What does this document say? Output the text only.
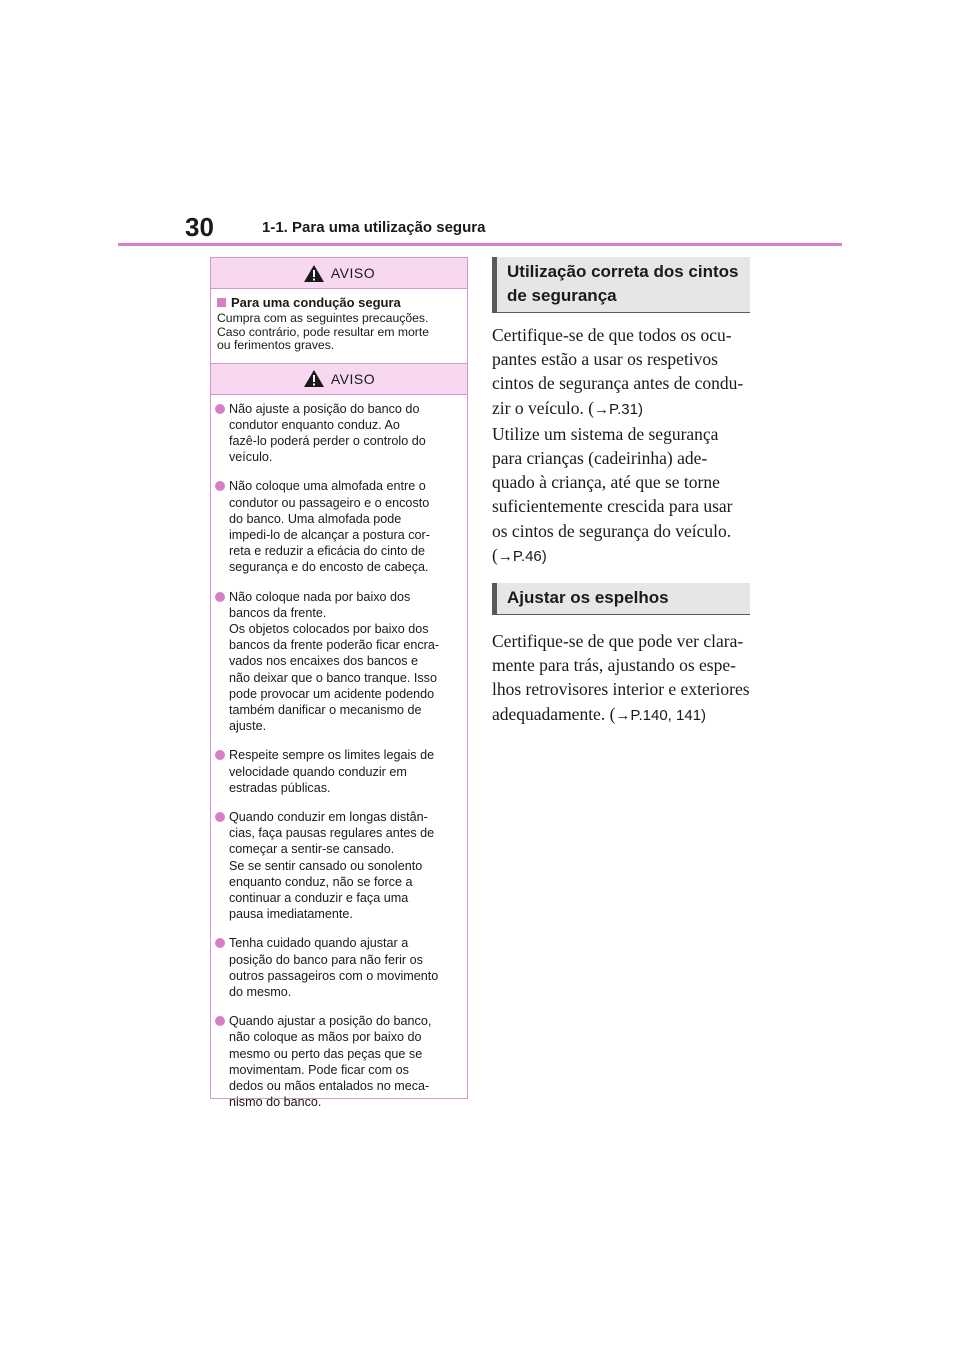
30	1-1. Para uma utilização segura
AVISO
Para uma condução segura
Cumpra com as seguintes precauções.
Caso contrário, pode resultar em morte
ou ferimentos graves.
AVISO
Não ajuste a posição do banco do
condutor enquanto conduz. Ao
fazê-lo poderá perder o controlo do
veículo.
Não coloque uma almofada entre o
condutor ou passageiro e o encosto
do banco. Uma almofada pode
impedi-lo de alcançar a postura cor-
reta e reduzir a eficácia do cinto de
segurança e do encosto de cabeça.
Não coloque nada por baixo dos
bancos da frente.
Os objetos colocados por baixo dos
bancos da frente poderão ficar encra-
vados nos encaixes dos bancos e
não deixar que o banco tranque. Isso
pode provocar um acidente podendo
também danificar o mecanismo de
ajuste.
Respeite sempre os limites legais de
velocidade quando conduzir em
estradas públicas.
Quando conduzir em longas distân-
cias, faça pausas regulares antes de
começar a sentir-se cansado.
Se se sentir cansado ou sonolento
enquanto conduz, não se force a
continuar a conduzir e faça uma
pausa imediatamente.
Tenha cuidado quando ajustar a
posição do banco para não ferir os
outros passageiros com o movimento
do mesmo.
Quando ajustar a posição do banco,
não coloque as mãos por baixo do
mesmo ou perto das peças que se
movimentam. Pode ficar com os
dedos ou mãos entalados no meca-
nismo do banco.
Utilização correta dos cintos
de segurança

Certifique-se de que todos os ocu-
pantes estão a usar os respetivos
cintos de segurança antes de condu-
zir o veículo. (→P.31)

Utilize um sistema de segurança
para crianças (cadeirinha) ade-
quado à criança, até que se torne
suficientemente crescida para usar
os cintos de segurança do veículo.
(→P.46)

Ajustar os espelhos

Certifique-se de que pode ver clara-
mente para trás, ajustando os espe-
lhos retrovisores interior e exteriores
adequadamente. (→P.140, 141)
